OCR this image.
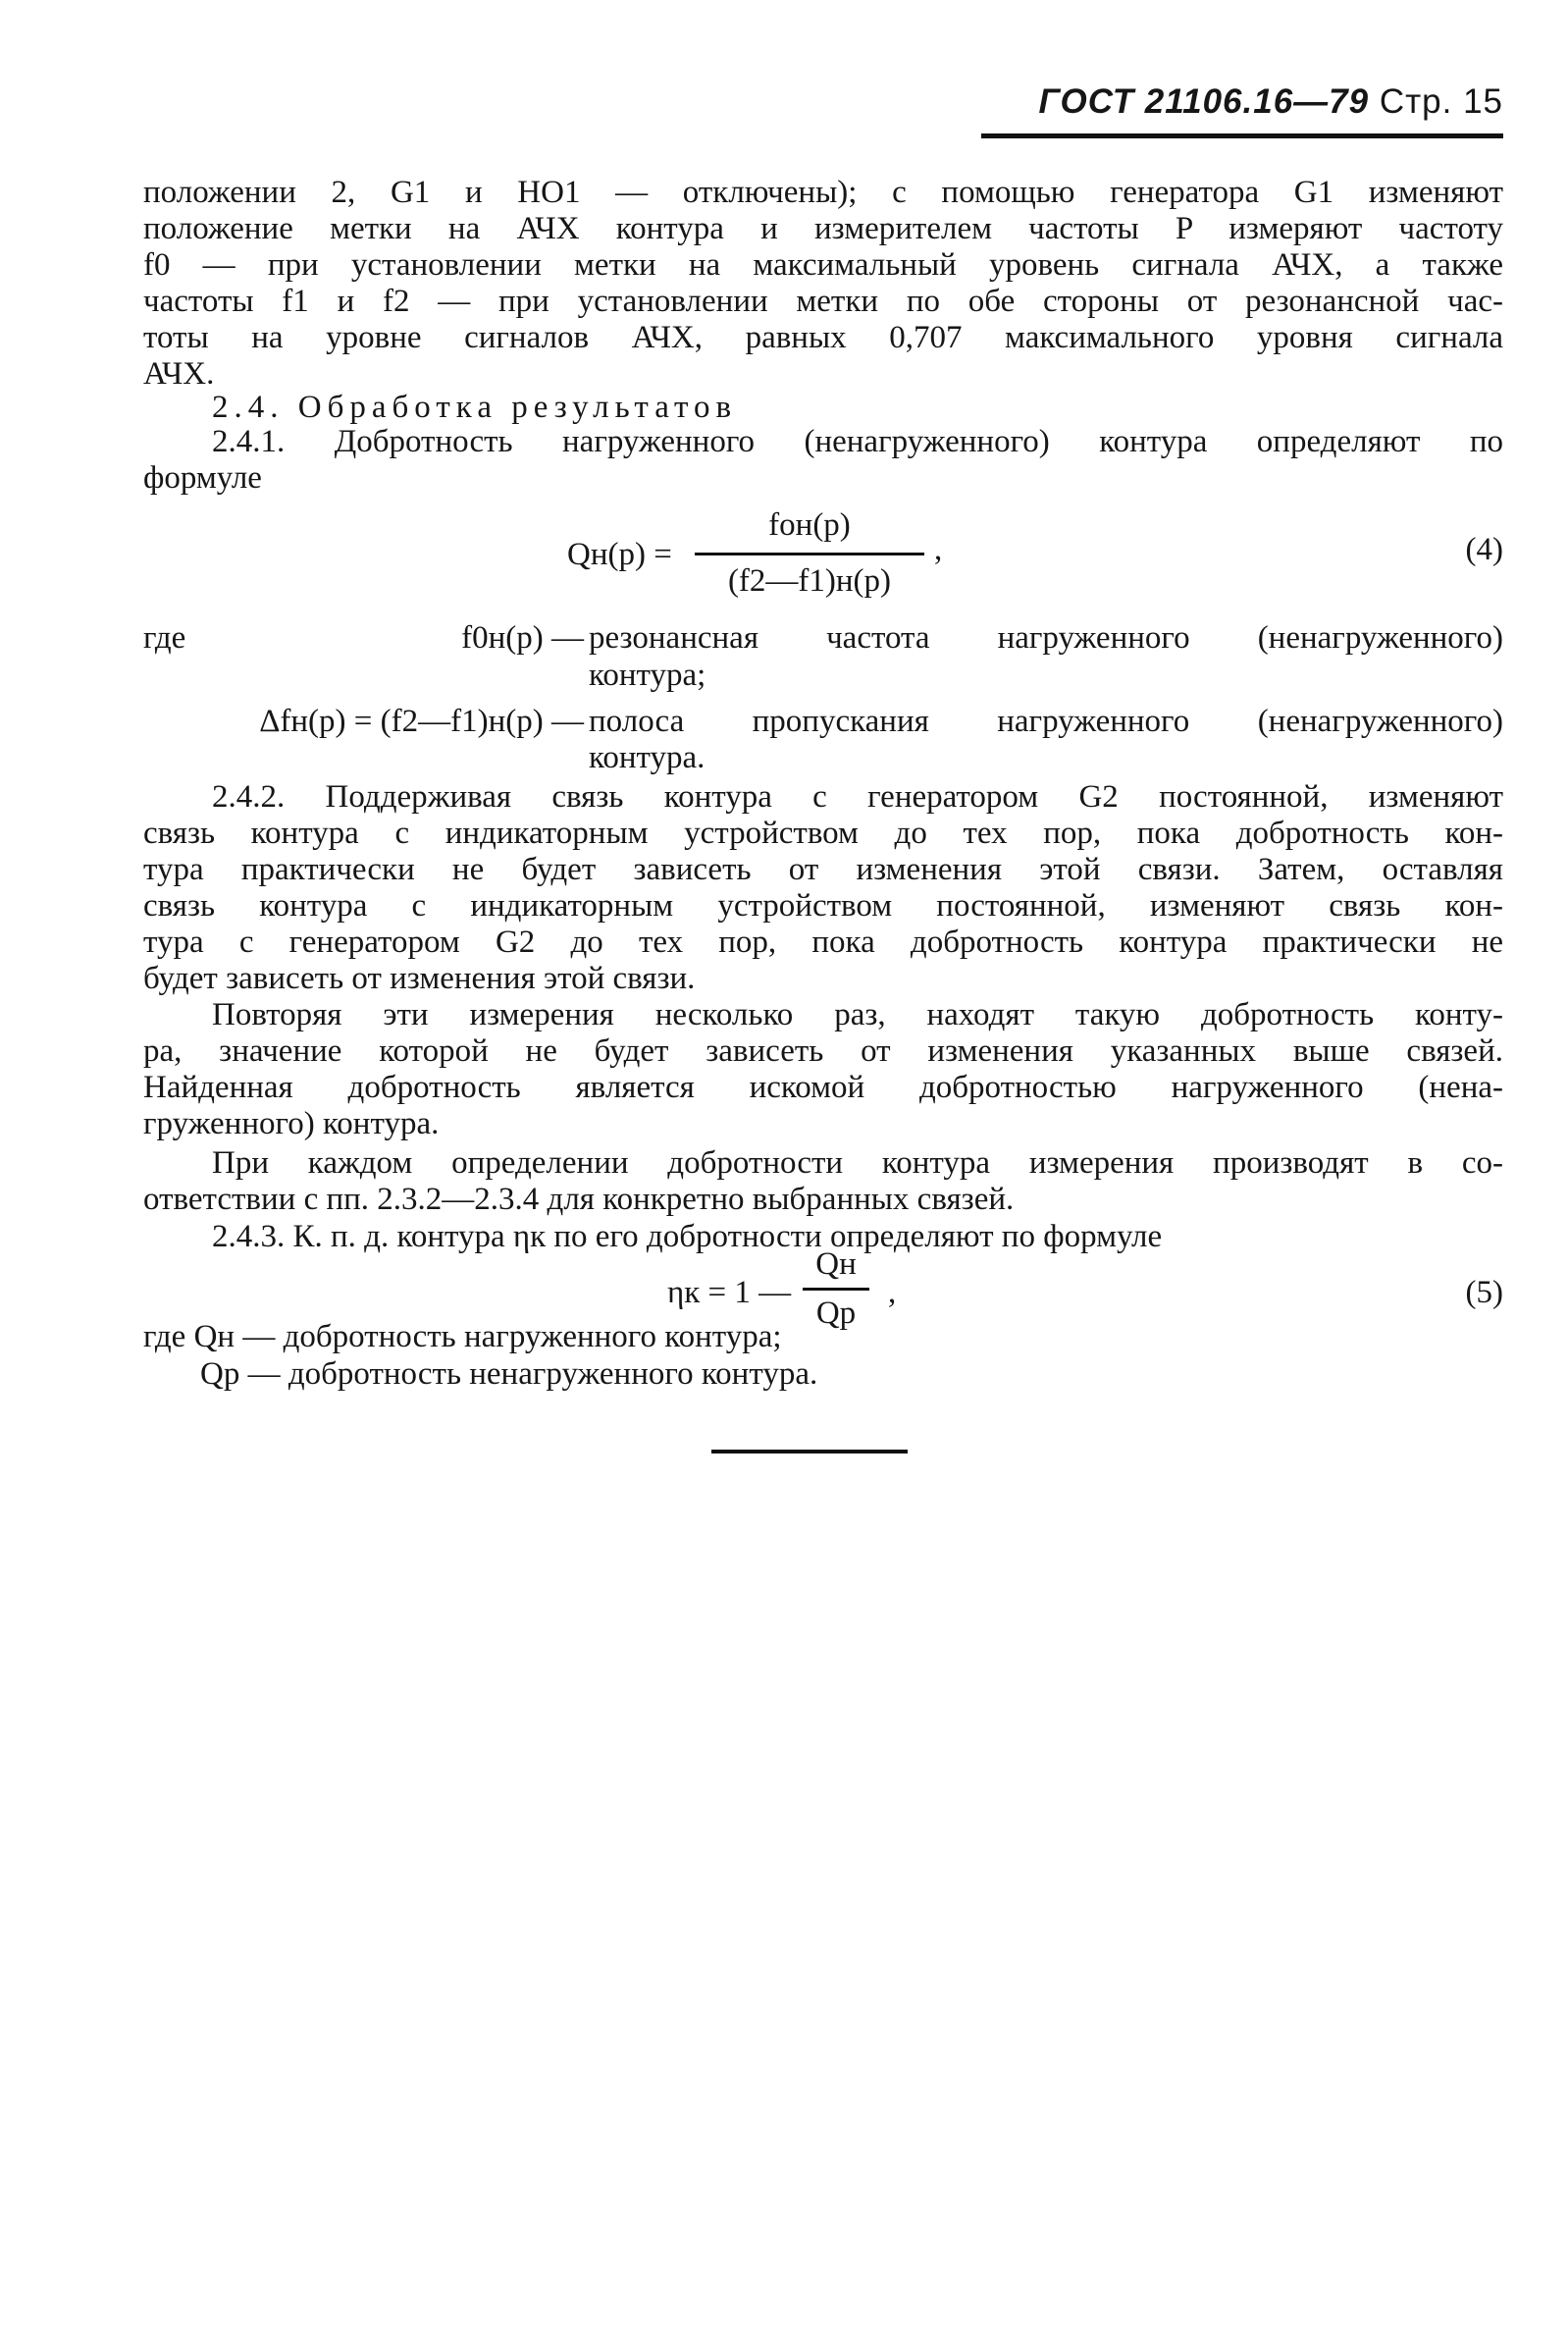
ГОСТ 21106.16—79 Стр. 15
положении 2, G1 и HO1 — отключены); с помощью генератора G1 изменяют
положение метки на АЧХ контура и измерителем частоты P измеряют частоту
f0 — при установлении метки на максимальный уровень сигнала АЧХ, а также
частоты f1 и f2 — при установлении метки по обе стороны от резонансной час-
тоты на уровне сигналов АЧХ, равных 0,707 максимального уровня сигнала
АЧХ.
2.4. Обработка результатов
2.4.1. Добротность нагруженного (ненагруженного) контура определяют по
формуле
Qн(р) =
fон(р)
(f2—f1)н(р)
,	(4)
где	f0н(р) — резонансная частота нагруженного (ненагруженного)
контура;
Δfн(р) = (f2—f1)н(р) — полоса пропускания нагруженного (ненагруженного)
контура.
2.4.2. Поддерживая связь контура с генератором G2 постоянной, изменяют
связь контура с индикаторным устройством до тех пор, пока добротность кон-
тура практически не будет зависеть от изменения этой связи. Затем, оставляя
связь контура с индикаторным устройством постоянной, изменяют связь кон-
тура с генератором G2 до тех пор, пока добротность контура практически не
будет зависеть от изменения этой связи.
Повторяя эти измерения несколько раз, находят такую добротность конту-
ра, значение которой не будет зависеть от изменения указанных выше связей.
Найденная добротность является искомой добротностью нагруженного (нена-
груженного) контура.
При каждом определении добротности контура измерения производят в со-
ответствии с пп. 2.3.2—2.3.4 для конкретно выбранных связей.
2.4.3. К. п. д. контура ηк по его добротности определяют по формуле
ηк = 1 —
Qн
Qр
,	(5)
где Qн — добротность нагруженного контура;
Qр — добротность ненагруженного контура.
